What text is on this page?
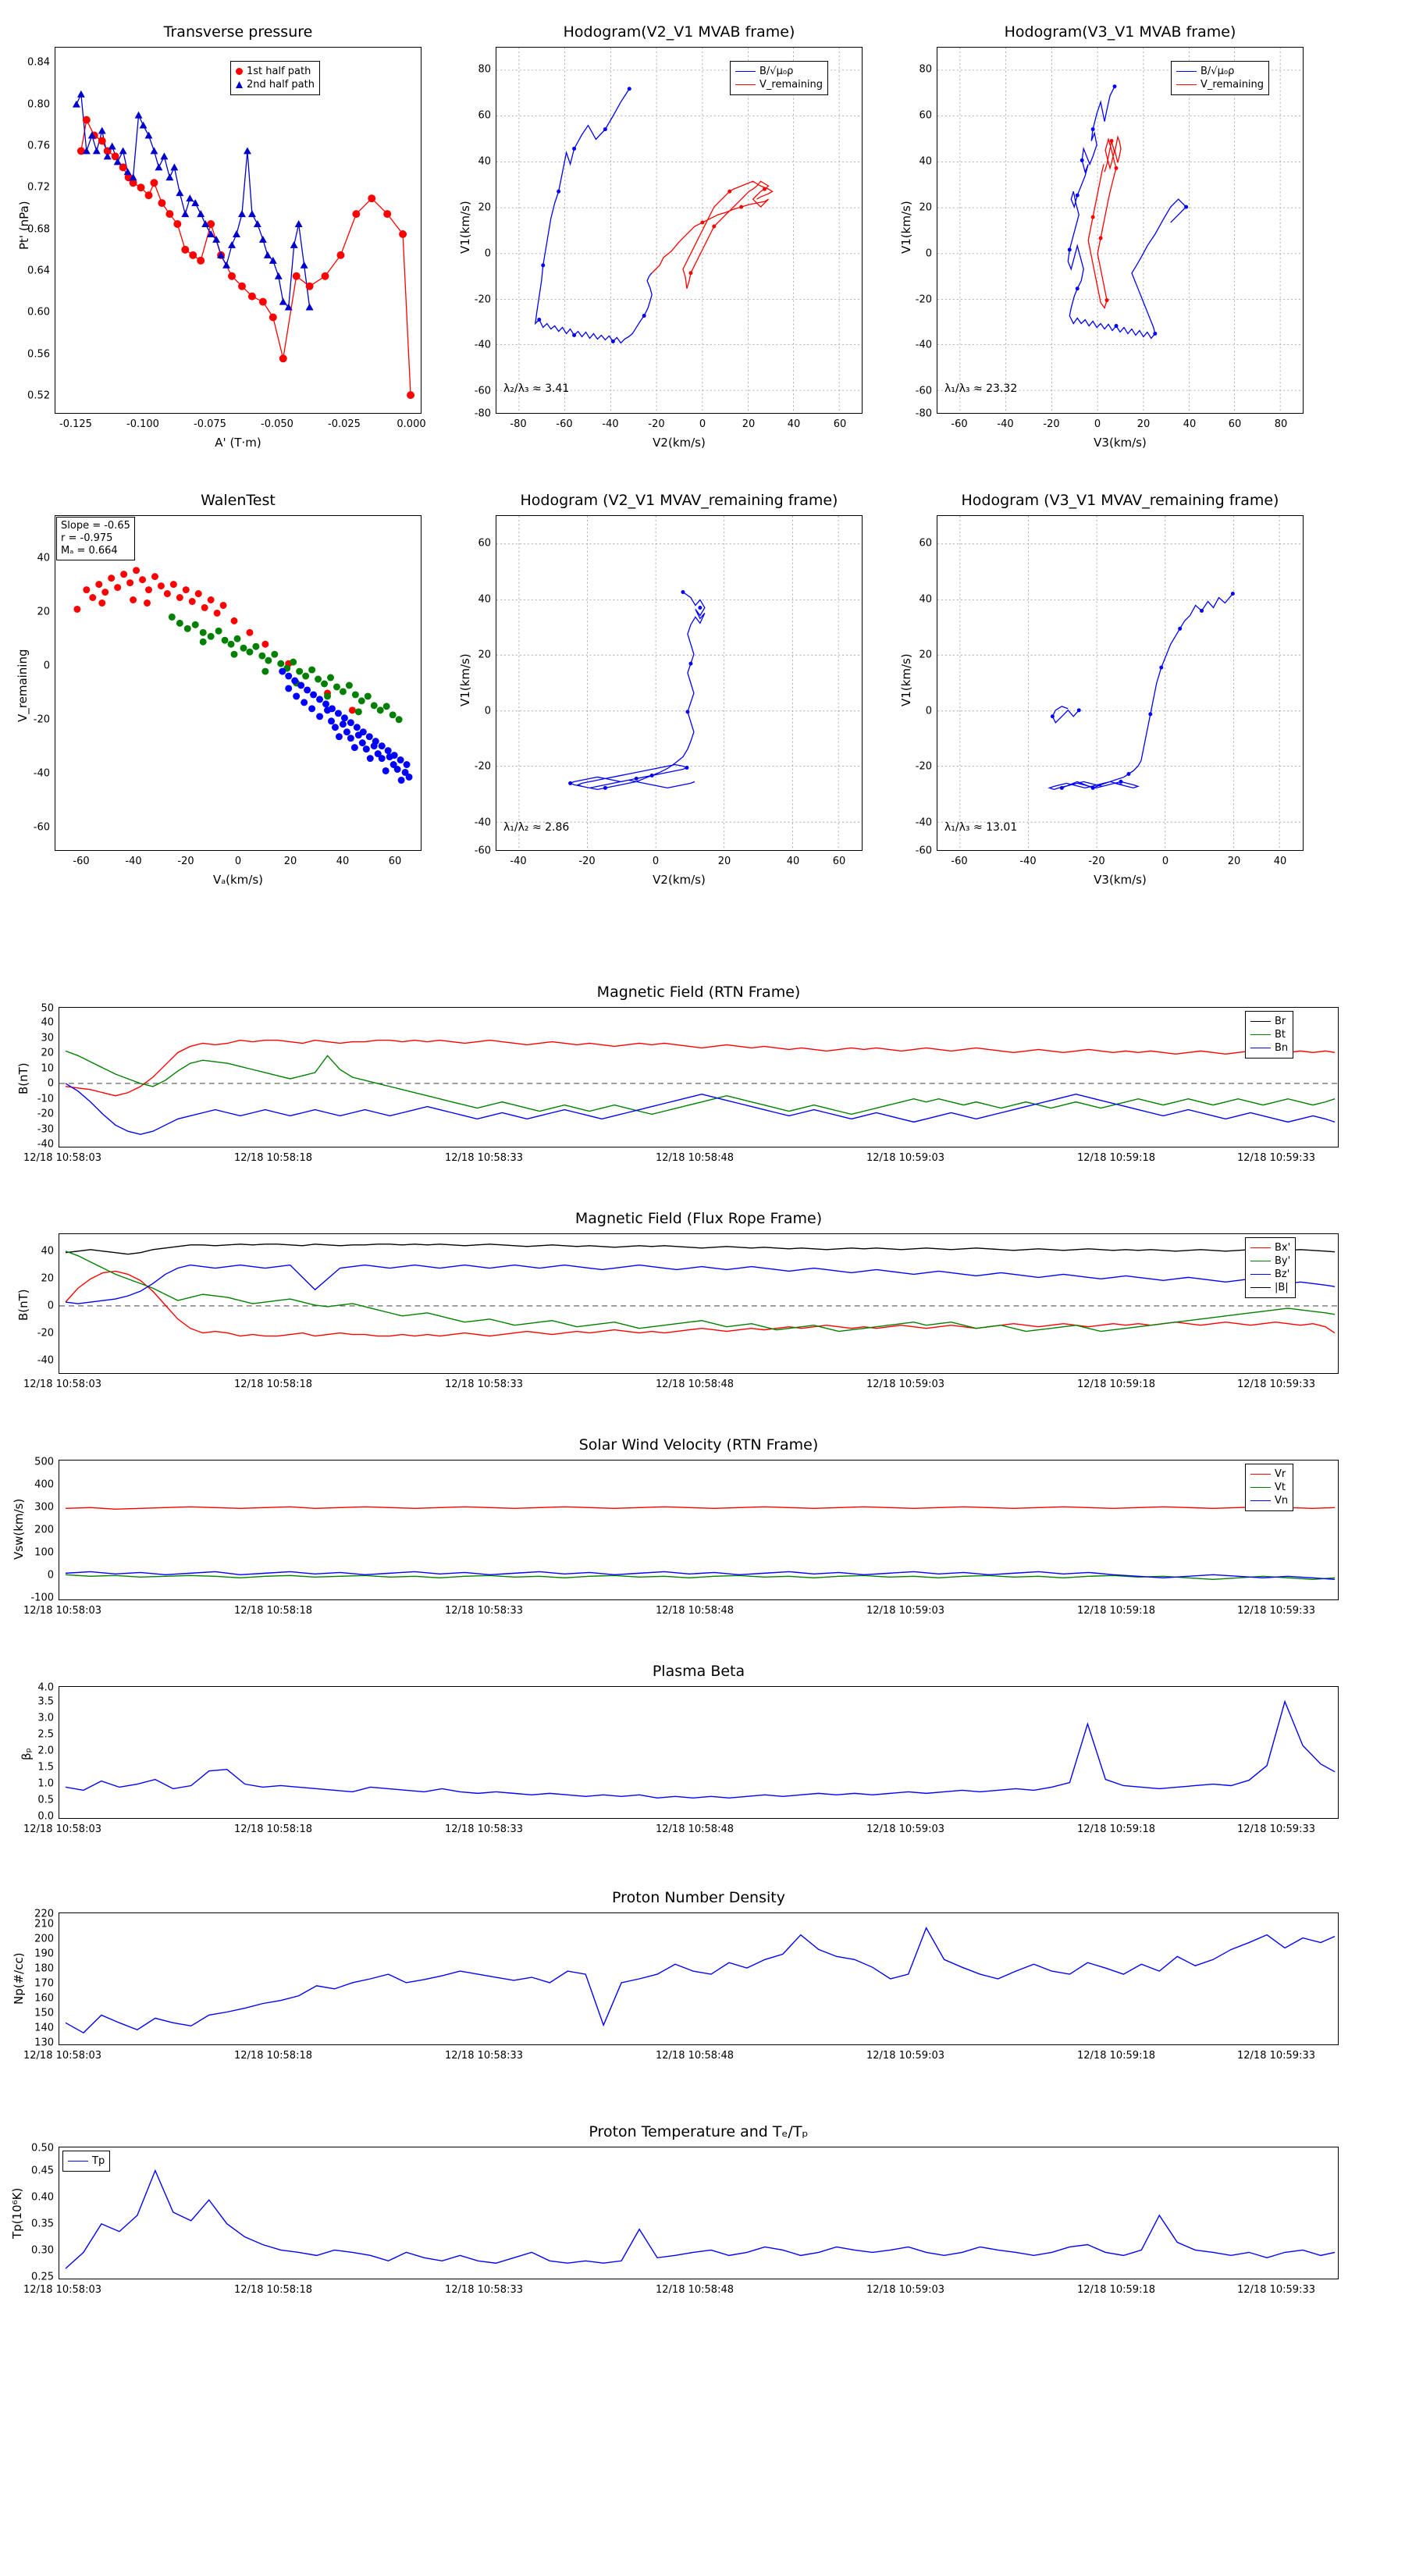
Transverse pressure
Pt' (nPa)
A' (T·m)
1st half path
2nd half path
-0.125	-0.100	-0.075	-0.050	-0.025	0.000
0.52
0.56
0.60
0.64
0.68
0.72
0.76
0.80
0.84
Hodogram(V2_V1 MVAB frame)
V1(km/s)
V2(km/s)
B/√μ₀ρ
V_remaining
λ₂/λ₃ ≈ 3.41
-80	-60	-40	-20	0	20	40	60
-80
-60
-40
-20
0
20
40
60
80
Hodogram(V3_V1 MVAB frame)
V1(km/s)
V3(km/s)
B/√μ₀ρ
V_remaining
λ₁/λ₃ ≈ 23.32
-60	-40	-20	0	20	40	60	80
-80
-60
-40
-20
0
20
40
60
80
WalenTest
V_remaining
Vₐ(km/s)
Slope = -0.65
r = -0.975
Mₐ = 0.664
-60	-40	-20	0	20	40	60
-60
-40
-20
0
20
40
Hodogram (V2_V1 MVAV_remaining frame)
V1(km/s)
V2(km/s)
λ₁/λ₂ ≈ 2.86
-40	-20	0	20	40	60
-60
-40
-20
0
20
40
60
Hodogram (V3_V1 MVAV_remaining frame)
V1(km/s)
V3(km/s)
λ₁/λ₃ ≈ 13.01
-60	-40	-20	0	20	40
-60
-40
-20
0
20
40
60
Magnetic Field (RTN Frame)
B(nT)
Br
Bt
Bn
12/18 10:58:03	12/18 10:58:18	12/18 10:58:33	12/18 10:58:48	12/18 10:59:03	12/18 10:59:18	12/18 10:59:33
-40
-30
-20
-10
0
10
20
30
40
50
Magnetic Field (Flux Rope Frame)
B(nT)
Bx'
By'
Bz'
|B|
12/18 10:58:03	12/18 10:58:18	12/18 10:58:33	12/18 10:58:48	12/18 10:59:03	12/18 10:59:18	12/18 10:59:33
-40
-20
0
20
40
Solar Wind Velocity (RTN Frame)
Vsw(km/s)
Vr
Vt
Vn
12/18 10:58:03	12/18 10:58:18	12/18 10:58:33	12/18 10:58:48	12/18 10:59:03	12/18 10:59:18	12/18 10:59:33
-100
0
100
200
300
400
500
Plasma Beta
βₚ
12/18 10:58:03	12/18 10:58:18	12/18 10:58:33	12/18 10:58:48	12/18 10:59:03	12/18 10:59:18	12/18 10:59:33
0.0
0.5
1.0
1.5
2.0
2.5
3.0
3.5
4.0
Proton Number Density
Np(#/cc)
12/18 10:58:03	12/18 10:58:18	12/18 10:58:33	12/18 10:58:48	12/18 10:59:03	12/18 10:59:18	12/18 10:59:33
130
140
150
160
170
180
190
200
210
220
Proton Temperature and Tₑ/Tₚ
Tp(10⁶K)
Tp
12/18 10:58:03	12/18 10:58:18	12/18 10:58:33	12/18 10:58:48	12/18 10:59:03	12/18 10:59:18	12/18 10:59:33
0.25
0.30
0.35
0.40
0.45
0.50
